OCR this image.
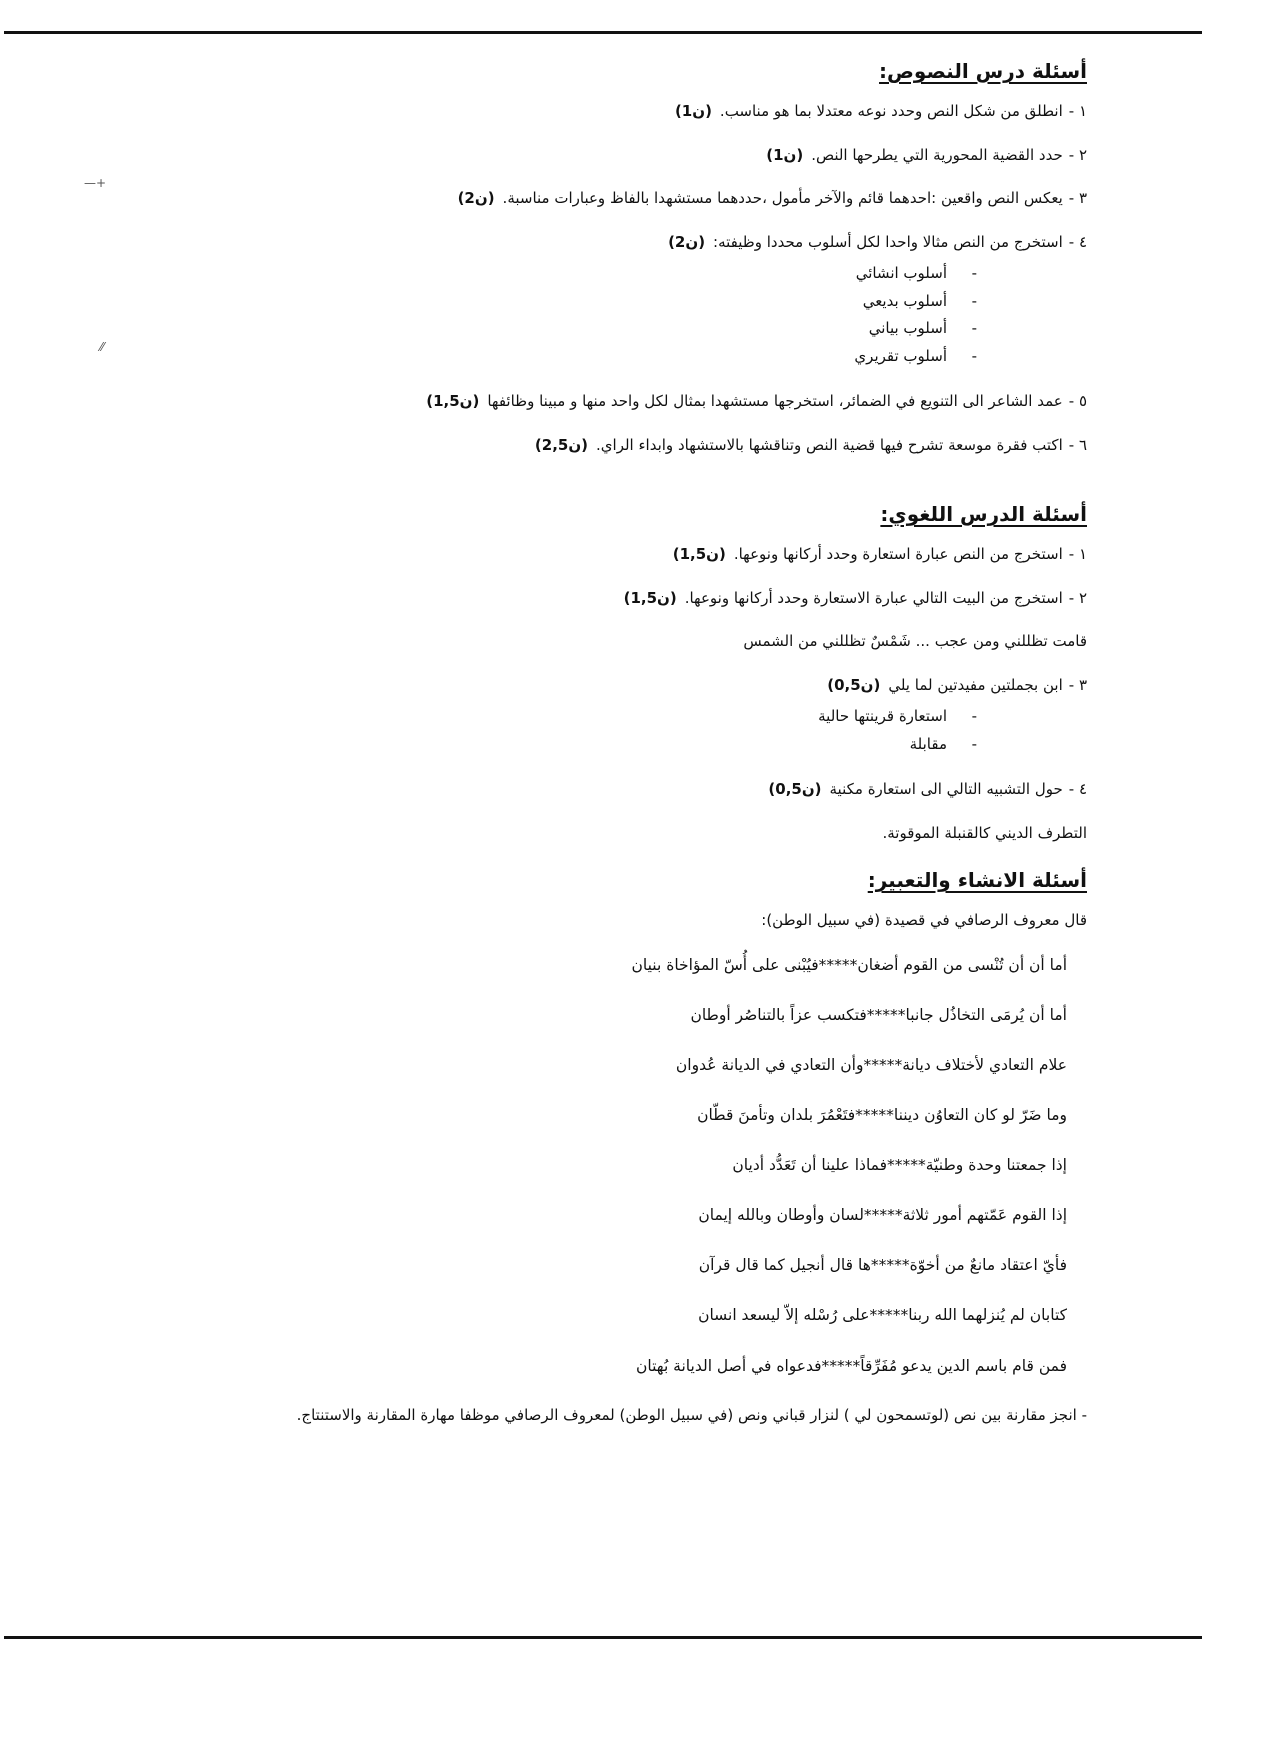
أسئلة درس النصوص:
١ -انطلق من شكل النص وحدد نوعه معتدلا بما هو مناسب.(1ن)
٢ -حدد القضية المحورية التي يطرحها النص.(1ن)
٣ -يعكس النص واقعين :احدهما قائم والآخر مأمول ،حددهما مستشهدا بالفاظ وعبارات مناسبة.(2ن)
٤ -استخرج من النص مثالا واحدا لكل أسلوب محددا وظيفته:(2ن)
- أسلوب انشائي
- أسلوب بديعي
- أسلوب بياني
- أسلوب تقريري
٥ -عمد الشاعر الى التنويع في الضمائر، استخرجها مستشهدا بمثال لكل واحد منها و مبينا وظائفها(1,5ن)
٦ -اكتب فقرة موسعة تشرح فيها قضية النص وتناقشها بالاستشهاد وابداء الراي.(2,5ن)
أسئلة الدرس اللغوي:
١ -استخرج من النص عبارة استعارة وحدد أركانها ونوعها.(1,5ن)
٢ -استخرج من البيت التالي عبارة الاستعارة وحدد أركانها ونوعها.(1,5ن)
قامت تظللني ومن عجب ... شَمْسٌ تظللني من الشمس
٣ -ابن بجملتين مفيدتين لما يلي(0,5ن)
- استعارة قرينتها حالية
- مقابلة
٤ -حول التشبيه التالي الى استعارة مكنية(0,5ن)
التطرف الديني كالقنبلة الموقوتة.
أسئلة الانشاء والتعبير:
قال معروف الرصافي في قصيدة (في سبيل الوطن):
أما أن أن تُنْسى من القوم أضغان*****فيُبْنى على أُسّ المؤاخاة بنيان
أما أن يُرمَى التخاذُل جانبا*****فتكسب عزاً بالتناصُر أوطان
علام التعادي لأختلاف ديانة*****وأن التعادي في الديانة عُدوان
وما ضَرّ لو كان التعاوُن ديننا*****فتَعْمُرَ بلدان وتأمنَ قطّان
إذا جمعتنا وحدة وطنيّة*****فماذا علينا أن تَعَدُّد أديان
إذا القوم عَمّتهم أمور ثلاثة*****لسان وأوطان وبالله إيمان
فأيّ اعتقاد مانعٌ من أخوّة*****ها قال أنجيل كما قال قرآن
كتابان لم يُنزلهما الله ربنا*****على رُسْله إلاّ ليسعد انسان
فمن قام باسم الدين يدعو مُفَرِّقاً*****فدعواه في أصل الديانة بُهتان
- انجز مقارنة بين نص (لوتسمحون لي ) لنزار قباني ونص (في سبيل الوطن) لمعروف الرصافي موظفا مهارة المقارنة والاستنتاج.
—+
⁄⁄
